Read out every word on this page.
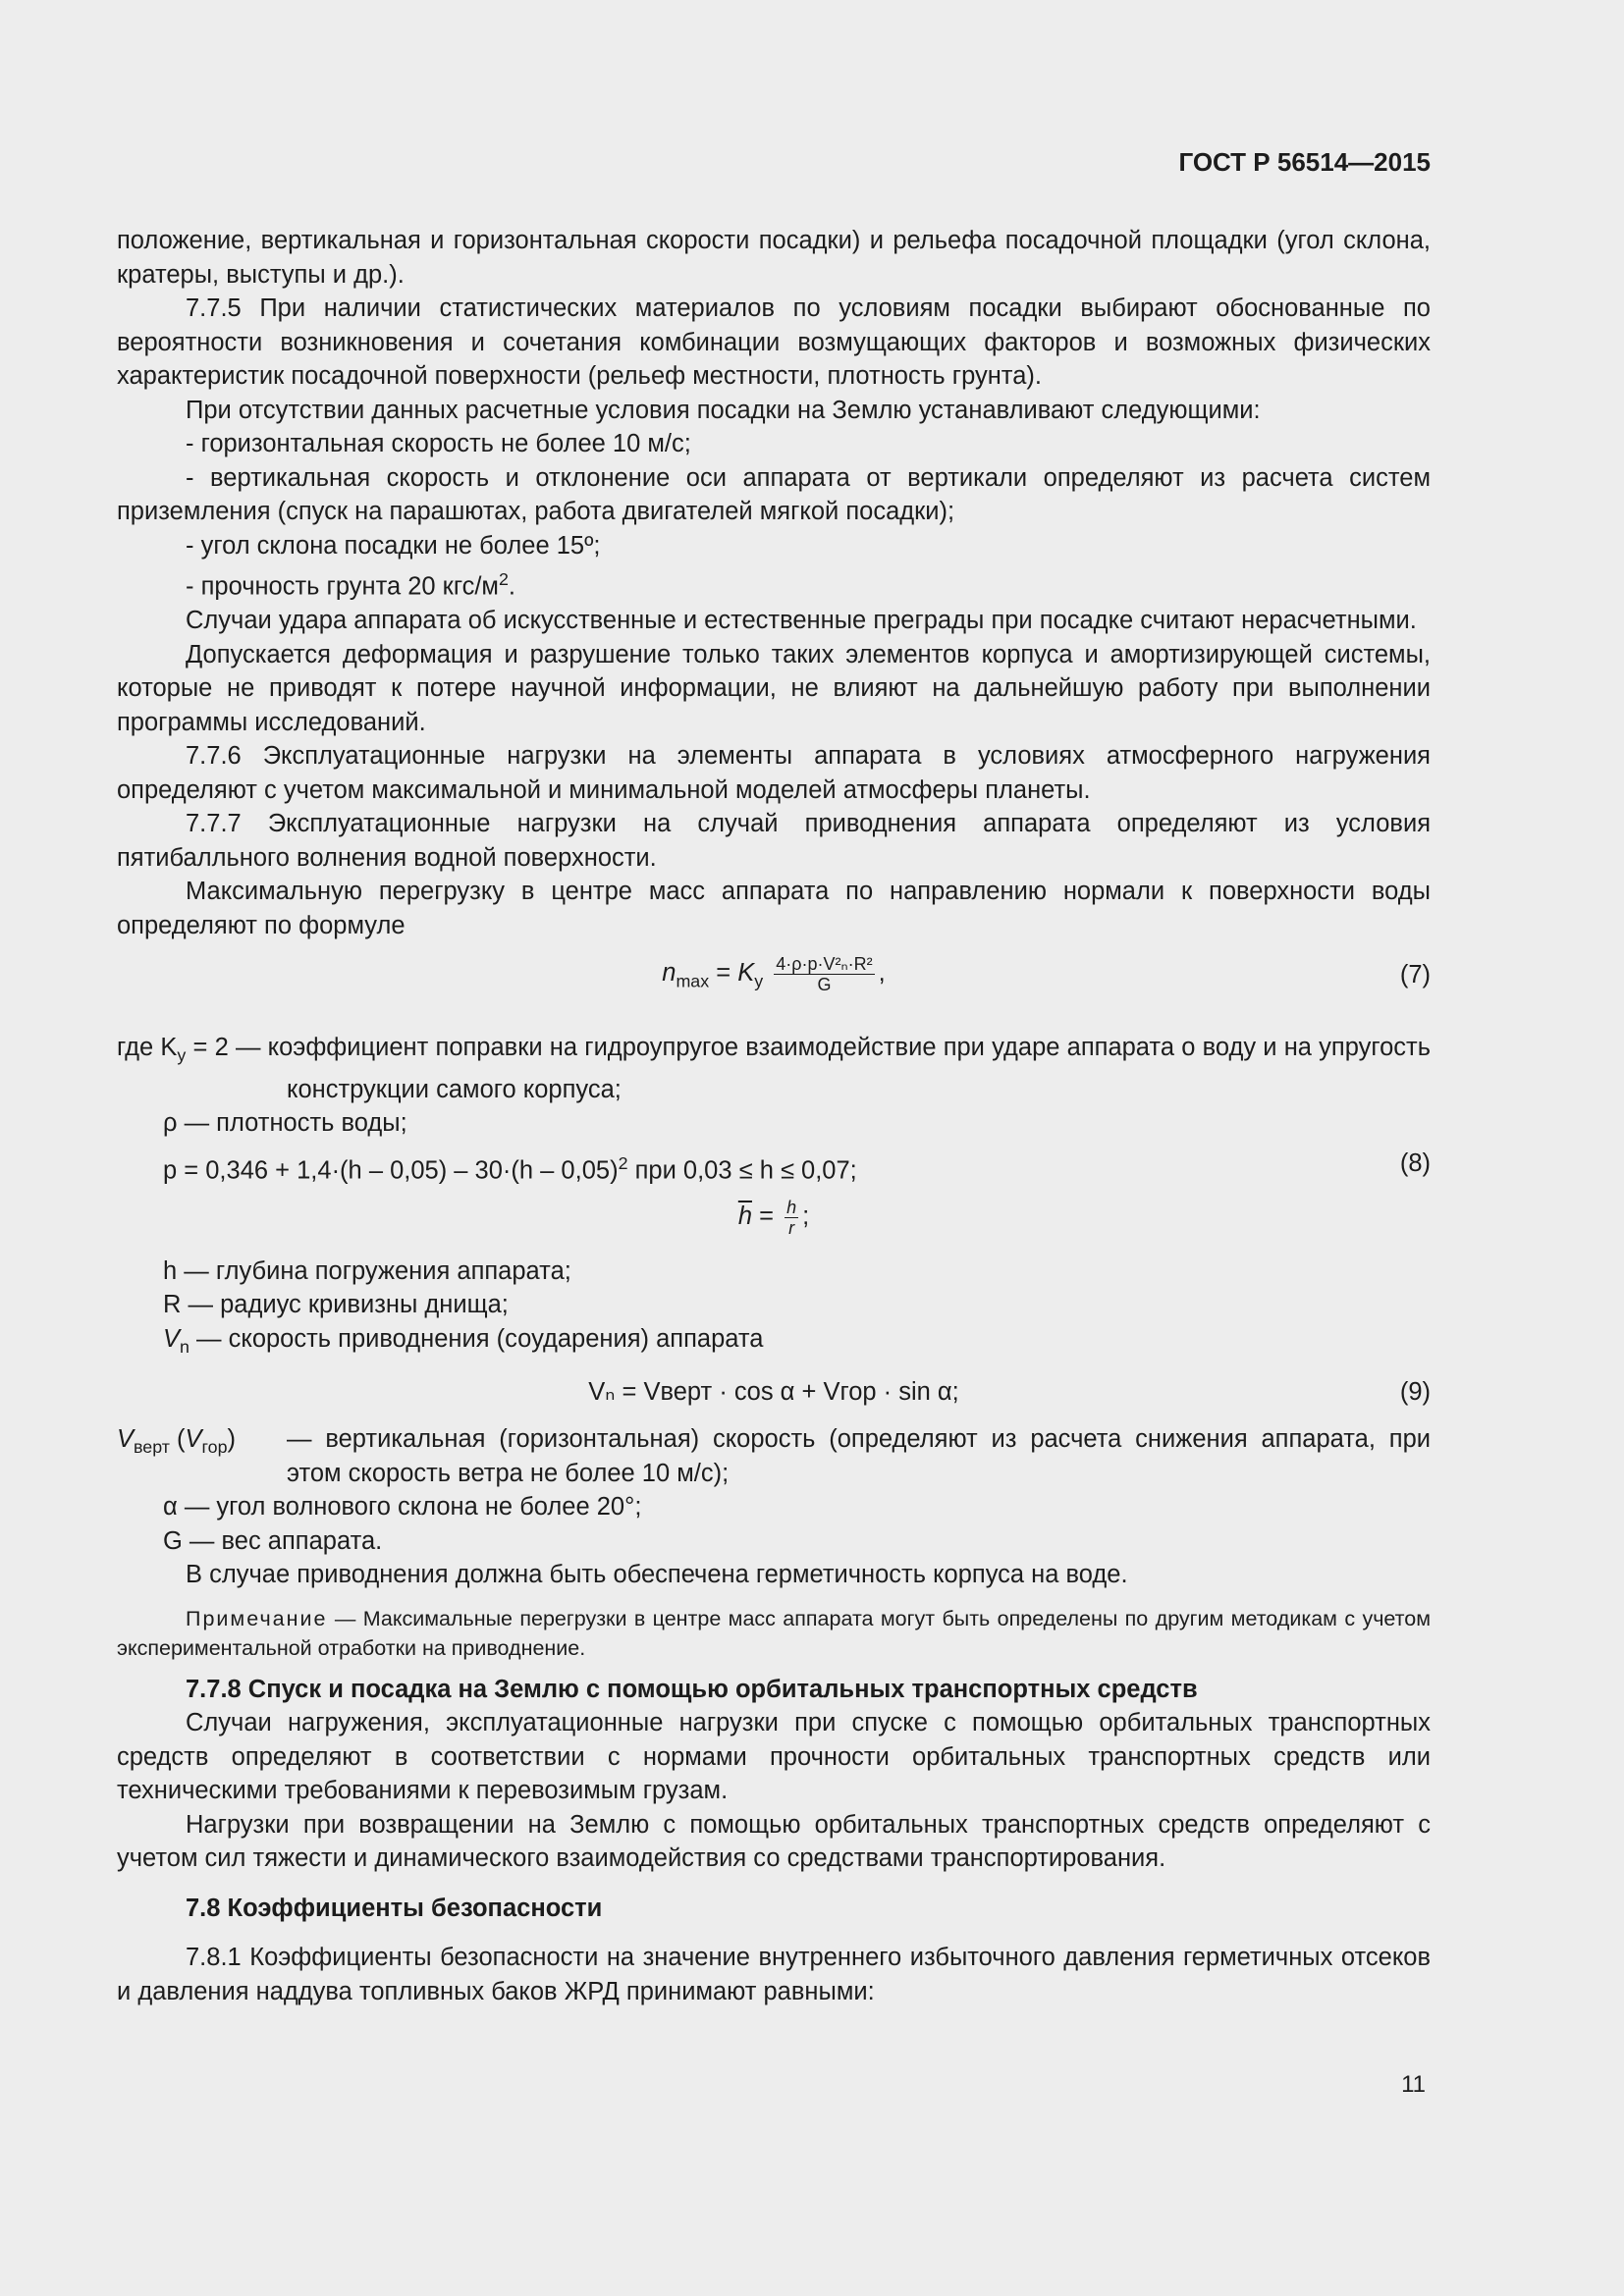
ГОСТ Р 56514—2015

положение, вертикальная и горизонтальная скорости посадки) и рельефа посадочной площадки (угол склона, кратеры, выступы и др.).

7.7.5 При наличии статистических материалов по условиям посадки выбирают обоснованные по вероятности возникновения и сочетания комбинации возмущающих факторов и возможных физических характеристик посадочной поверхности (рельеф местности, плотность грунта).

При отсутствии данных расчетные условия посадки на Землю устанавливают следующими:

- горизонтальная скорость не более 10 м/с;

- вертикальная скорость и отклонение оси аппарата от вертикали определяют из расчета систем приземления (спуск на парашютах, работа двигателей мягкой посадки);

- угол склона посадки не более 15º;

- прочность грунта 20 кгс/$м^2$.

Случаи удара аппарата об искусственные и естественные преграды при посадке считают нерасчетными.

Допускается деформация и разрушение только таких элементов корпуса и амортизирующей системы, которые не приводят к потере научной информации, не влияют на дальнейшую работу при выполнении программы исследований.

7.7.6 Эксплуатационные нагрузки на элементы аппарата в условиях атмосферного нагружения определяют с учетом максимальной и минимальной моделей атмосферы планеты.

7.7.7 Эксплуатационные нагрузки на случай приводнения аппарата определяют из условия пятибалльного волнения водной поверхности.

Максимальную перегрузку в центре масс аппарата по направлению нормали к поверхности воды определяют по формуле

$n_{max} = K_y \frac{\text{4·ρ·p·V²ₙ·R²}}{G}$ ,	(7)

где $K_y = 2$ — коэффициент поправки на гидроупругое взаимодействие при ударе аппарата о воду и на упругость конструкции самого корпуса;

ρ — плотность воды;

p = 0,346 + 1,4·(h – 0,05) – 30·(h – 0,05)$^2$ при 0,03 ≤ h ≤ 0,07;	(8)
$\overline{h} = \frac{h}{r}$ ;

h — глубина погружения аппарата;

R — радиус кривизны днища;

$V_n$ — скорость приводнения (соударения) аппарата

Vₙ = Vверт · cos α + Vгор · sin α;	(9)
$V_{верт}$ $(V_{гор})$	— вертикальная (горизонтальная) скорость (определяют из расчета снижения аппарата, при этом скорость ветра не более 10 м/с);

α — угол волнового склона не более 20°;

G — вес аппарата.

В случае приводнения должна быть обеспечена герметичность корпуса на воде.

Примечание — Максимальные перегрузки в центре масс аппарата могут быть определены по другим методикам с учетом экспериментальной отработки на приводнение.

7.7.8 Спуск и посадка на Землю с помощью орбитальных транспортных средств

Случаи нагружения, эксплуатационные нагрузки при спуске с помощью орбитальных транспортных средств определяют в соответствии с нормами прочности орбитальных транспортных средств или техническими требованиями к перевозимым грузам.

Нагрузки при возвращении на Землю с помощью орбитальных транспортных средств определяют с учетом сил тяжести и динамического взаимодействия со средствами транспортирования.

7.8 Коэффициенты безопасности

7.8.1 Коэффициенты безопасности на значение внутреннего избыточного давления герметичных отсеков и давления наддува топливных баков ЖРД принимают равными:

11
